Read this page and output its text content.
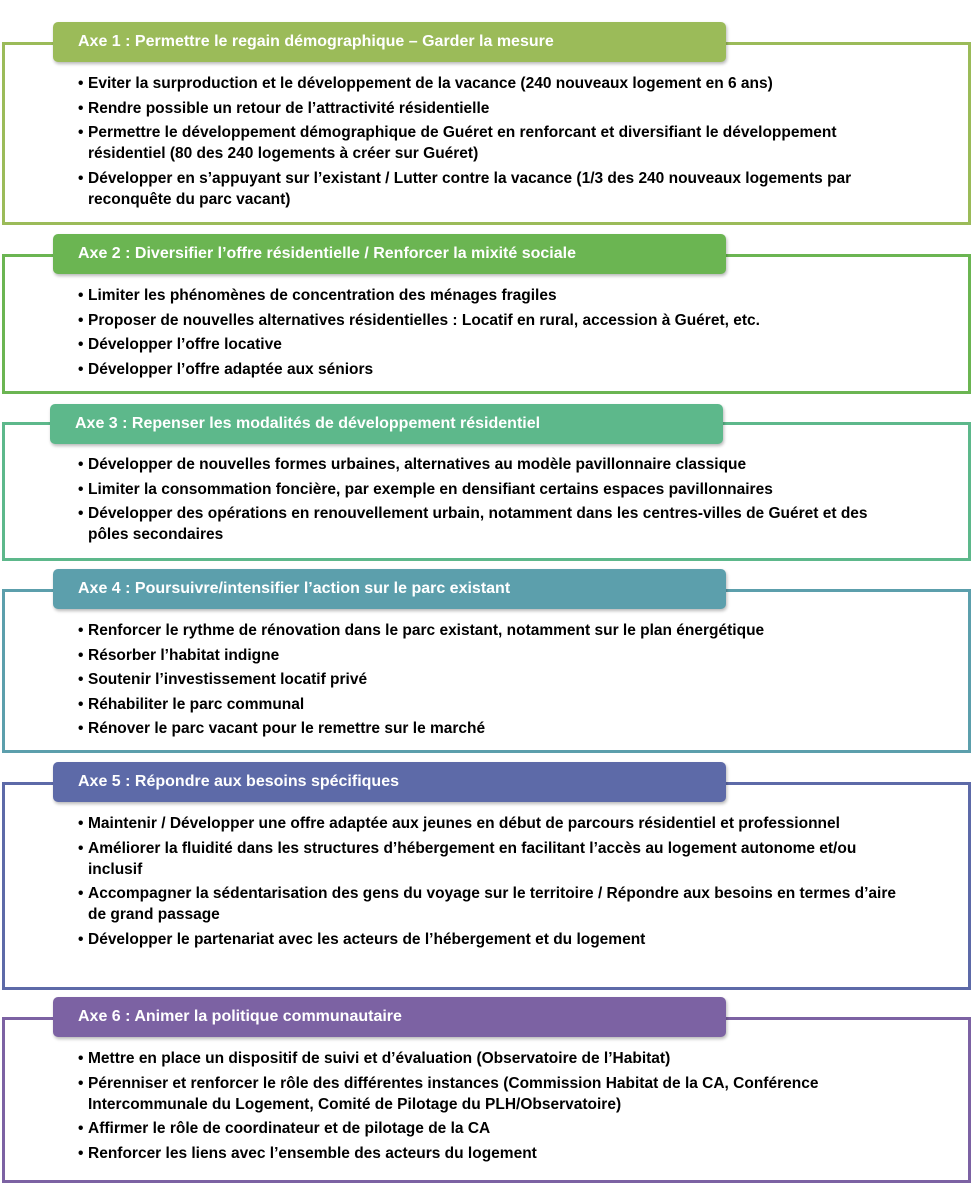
Axe 1 : Permettre le regain démographique – Garder la mesure
• Eviter la surproduction et le développement de la vacance (240 nouveaux logement en 6 ans)
• Rendre possible un retour de l’attractivité résidentielle
• Permettre le développement démographique de Guéret en renforcant et diversifiant le développement résidentiel (80 des 240 logements à créer sur Guéret)
• Développer en s’appuyant sur l’existant / Lutter contre la vacance (1/3 des 240 nouveaux logements par reconquête du parc vacant)
Axe 2 : Diversifier l’offre résidentielle / Renforcer la mixité sociale
• Limiter les phénomènes de concentration des ménages fragiles
• Proposer de nouvelles alternatives résidentielles : Locatif en rural, accession à Guéret, etc.
• Développer l’offre locative
• Développer l’offre adaptée aux séniors
Axe 3 : Repenser les modalités de développement résidentiel
• Développer de nouvelles formes urbaines, alternatives au modèle pavillonnaire classique
• Limiter la consommation foncière, par exemple en densifiant certains espaces pavillonnaires
• Développer des opérations en renouvellement urbain, notamment dans les centres-villes de Guéret et des pôles secondaires
Axe 4 : Poursuivre/intensifier l’action sur le parc existant
• Renforcer le rythme de rénovation dans le parc existant, notamment sur le plan énergétique
• Résorber l’habitat indigne
• Soutenir l’investissement locatif privé
• Réhabiliter le parc communal
• Rénover le parc vacant pour le remettre sur le marché
Axe 5 : Répondre aux besoins spécifiques
• Maintenir / Développer une offre adaptée aux jeunes en début de parcours résidentiel et professionnel
• Améliorer la fluidité dans les structures d’hébergement en facilitant l’accès au logement autonome et/ou inclusif
• Accompagner la sédentarisation des gens du voyage sur le territoire / Répondre aux besoins en termes d’aire de grand passage
• Développer le partenariat avec les acteurs de l’hébergement et du logement
Axe 6 : Animer la politique communautaire
• Mettre en place un dispositif de suivi et d’évaluation (Observatoire de l’Habitat)
• Pérenniser et renforcer le rôle des différentes instances (Commission Habitat de la CA, Conférence Intercommunale du Logement, Comité de Pilotage du PLH/Observatoire)
• Affirmer le rôle de coordinateur et de pilotage de la CA
• Renforcer les liens avec l’ensemble des acteurs du logement
